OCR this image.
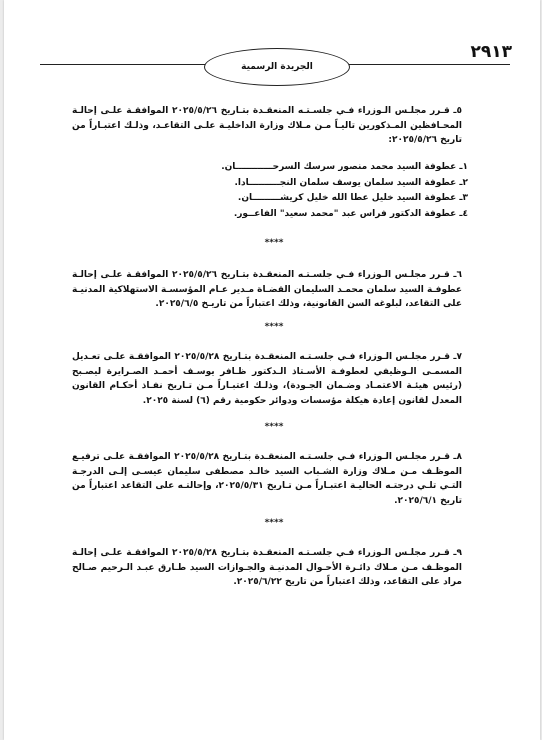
الجريدة الرسمية
٢٩١٣
٥ـ قـرر مجلـس الـوزراء فـي جلسـتـه المنعقـدة بتـاريخ ٢٠٢٥/٥/٢٦ الموافقـة علـى إحالـة المحـافظين المـذكورين تاليـاً مـن مـلاك وزارة الداخليـة علـى التقاعـد، وذلـك اعتبـاراً من تاريخ ٢٠٢٥/٥/٢٦:
١ـ عطوفة السيد محمد منصور سرسك السرحــــــــــــان.
٢ـ عطوفة السيد سلمان يوسف سلمان النجــــــــــادا.
٣ـ عطوفة السيد خليل عطا الله خليل كريشـــــــــان.
٤ـ عطوفة الدكتور فراس عبد "محمد سعيد" الفاعــور.
****
٦ـ قـرر مجلـس الـوزراء فـي جلسـتـه المنعقـدة بتـاريخ ٢٠٢٥/٥/٢٦ الموافقـة علـى إحالـة عطوفـة السيد سلمان محمـد السليمان القضـاة مـدير عـام المؤسسـة الاستهلاكية المدنيـة على التقاعد، لبلوغه السن القانونية، وذلك اعتباراً من تاريـخ ٢٠٢٥/٦/٥.
****
٧ـ قـرر مجلـس الـوزراء فـي جلسـتـه المنعقـدة بتـاريخ ٢٠٢٥/٥/٢٨ الموافقـة علـى تعـديل المسمـى الـوظيفي لعطوفـة الأسـتاذ الـدكتور ظـافر يوسـف أحمـد الصـرايرة ليصـبح (رئيس هيئـة الاعتمـاد وضـمان الجـودة)، وذلـك اعتبـاراً مـن تـاريخ نفـاذ أحكـام القانون المعدل لقانون إعادة هيكلة مؤسسات ودوائر حكومية رقم (٦) لسنة ٢٠٢٥.
****
٨ـ قـرر مجلـس الـوزراء فـي جلسـتـه المنعقـدة بتـاريخ ٢٠٢٥/٥/٢٨ الموافقـة علـى ترفيـع الموظـف مـن مـلاك وزارة الشـباب السيد خالـد مصطفى سليمان عيسـى إلـى الدرجـة التـي تلـي درجتـه الحاليـة اعتبـاراً مـن تـاريخ ٢٠٢٥/٥/٣١، وإحالتـه على التقاعد اعتباراً من تاريخ ٢٠٢٥/٦/١.
****
٩ـ قـرر مجلـس الـوزراء فـي جلسـتـه المنعقـدة بتـاريخ ٢٠٢٥/٥/٢٨ الموافقـة علـى إحالـة الموظـف مـن مـلاك دائـرة الأحـوال المدنيـة والجـوازات السيد طـارق عبـد الـرحيم صـالح مراد على التقاعد، وذلك اعتباراً من تاريخ ٢٠٢٥/٦/٢٢.
